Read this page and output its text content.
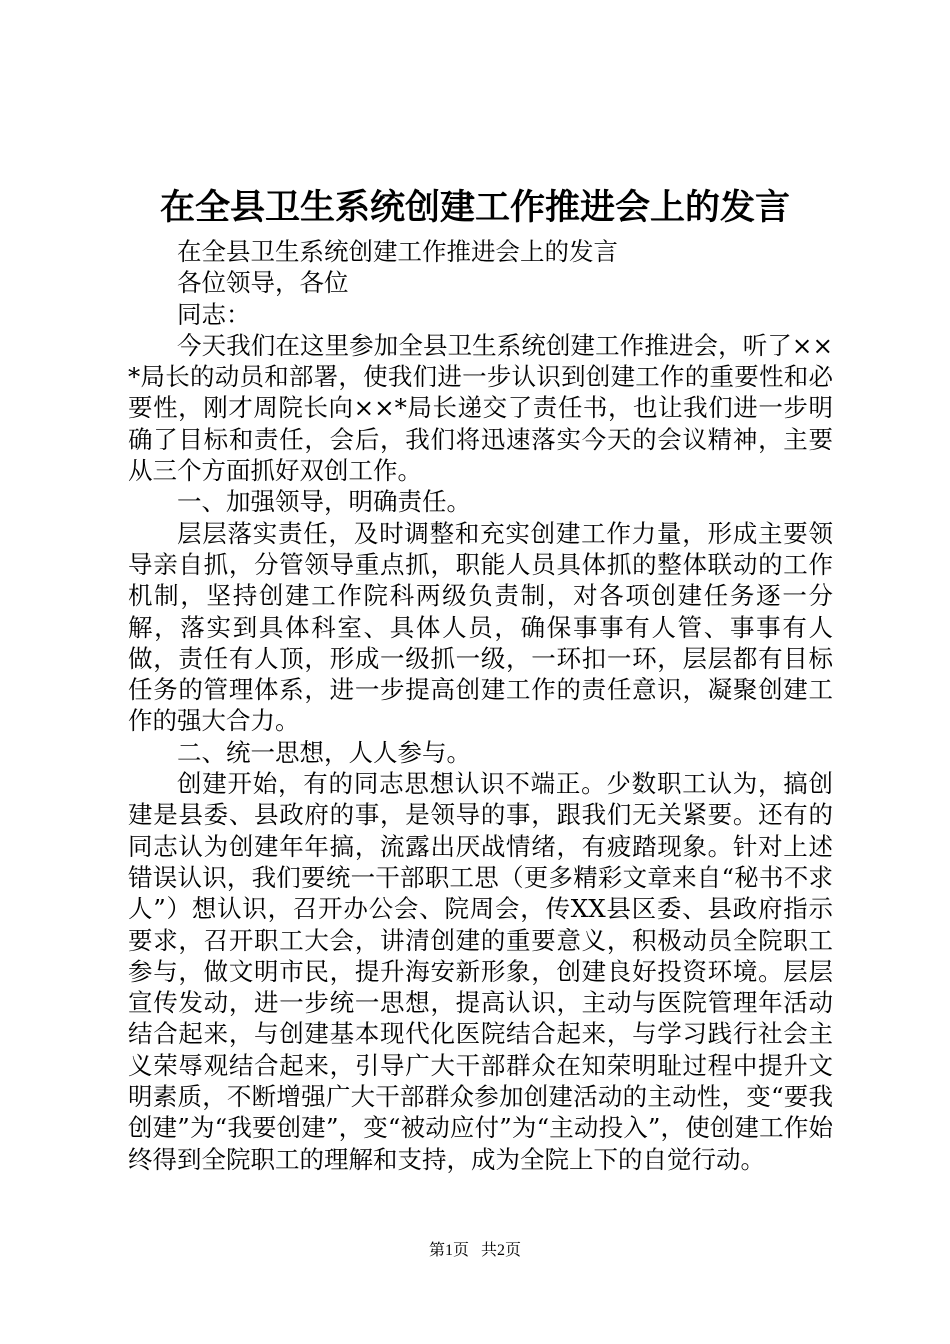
在全县卫生系统创建工作推进会上的发言

在全县卫生系统创建工作推进会上的发言

各位领导，各位

同志：

今天我们在这里参加全县卫生系统创建工作推进会，听了××*局长的动员和部署，使我们进一步认识到创建工作的重要性和必要性，刚才周院长向××*局长递交了责任书，也让我们进一步明确了目标和责任，会后，我们将迅速落实今天的会议精神，主要从三个方面抓好双创工作。

一、加强领导，明确责任。

层层落实责任，及时调整和充实创建工作力量，形成主要领导亲自抓，分管领导重点抓，职能人员具体抓的整体联动的工作机制，坚持创建工作院科两级负责制，对各项创建任务逐一分解，落实到具体科室、具体人员，确保事事有人管、事事有人做，责任有人顶，形成一级抓一级，一环扣一环，层层都有目标任务的管理体系，进一步提高创建工作的责任意识，凝聚创建工作的强大合力。

二、统一思想，人人参与。

创建开始，有的同志思想认识不端正。少数职工认为，搞创建是县委、县政府的事，是领导的事，跟我们无关紧要。还有的同志认为创建年年搞，流露出厌战情绪，有疲踏现象。针对上述错误认识，我们要统一干部职工思（更多精彩文章来自“秘书不求人”）想认识，召开办公会、院周会，传XX县区委、县政府指示要求，召开职工大会，讲清创建的重要意义，积极动员全院职工参与，做文明市民，提升海安新形象，创建良好投资环境。层层宣传发动，进一步统一思想，提高认识，主动与医院管理年活动结合起来，与创建基本现代化医院结合起来，与学习践行社会主义荣辱观结合起来，引导广大干部群众在知荣明耻过程中提升文明素质，不断增强广大干部群众参加创建活动的主动性，变“要我创建”为“我要创建”，变“被动应付”为“主动投入”，使创建工作始终得到全院职工的理解和支持，成为全院上下的自觉行动。

第1页 共2页
